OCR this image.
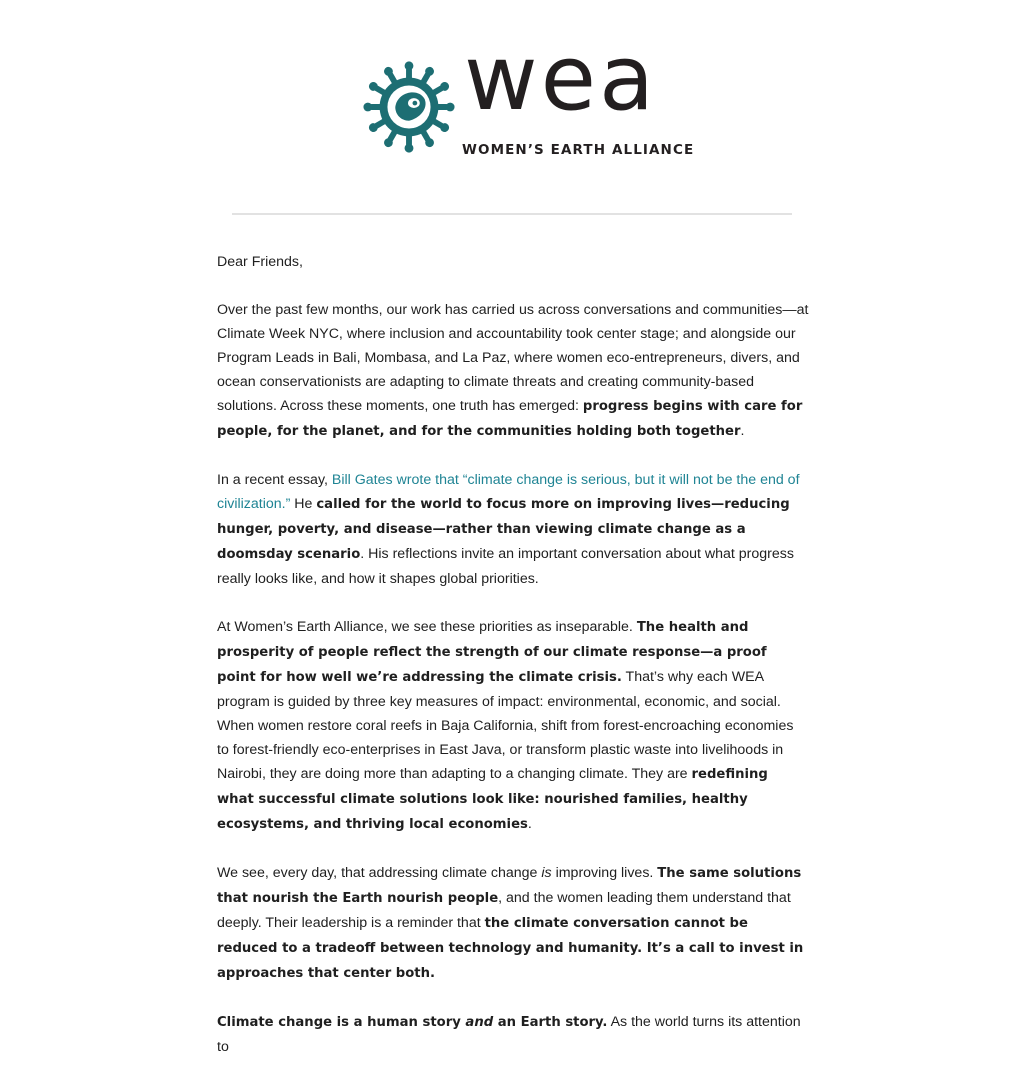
wea
WOMEN’S EARTH ALLIANCE

Dear Friends,

Over the past few months, our work has carried us across conversations and communities—at Climate Week NYC, where inclusion and accountability took center stage; and alongside our Program Leads in Bali, Mombasa, and La Paz, where women eco-entrepreneurs, divers, and ocean conservationists are adapting to climate threats and creating community-based solutions. Across these moments, one truth has emerged: progress begins with care for people, for the planet, and for the communities holding both together.

In a recent essay, Bill Gates wrote that “climate change is serious, but it will not be the end of civilization.” He called for the world to focus more on improving lives—reducing hunger, poverty, and disease—rather than viewing climate change as a doomsday scenario. His reflections invite an important conversation about what progress really looks like, and how it shapes global priorities.

At Women’s Earth Alliance, we see these priorities as inseparable. The health and prosperity of people reflect the strength of our climate response—a proof point for how well we’re addressing the climate crisis. That’s why each WEA program is guided by three key measures of impact: environmental, economic, and social. When women restore coral reefs in Baja California, shift from forest-encroaching economies to forest-friendly eco-enterprises in East Java, or transform plastic waste into livelihoods in Nairobi, they are doing more than adapting to a changing climate. They are redefining what successful climate solutions look like: nourished families, healthy ecosystems, and thriving local economies.

We see, every day, that addressing climate change is improving lives. The same solutions that nourish the Earth nourish people, and the women leading them understand that deeply. Their leadership is a reminder that the climate conversation cannot be reduced to a tradeoff between technology and humanity. It’s a call to invest in approaches that center both.

Climate change is a human story and an Earth story. As the world turns its attention to
